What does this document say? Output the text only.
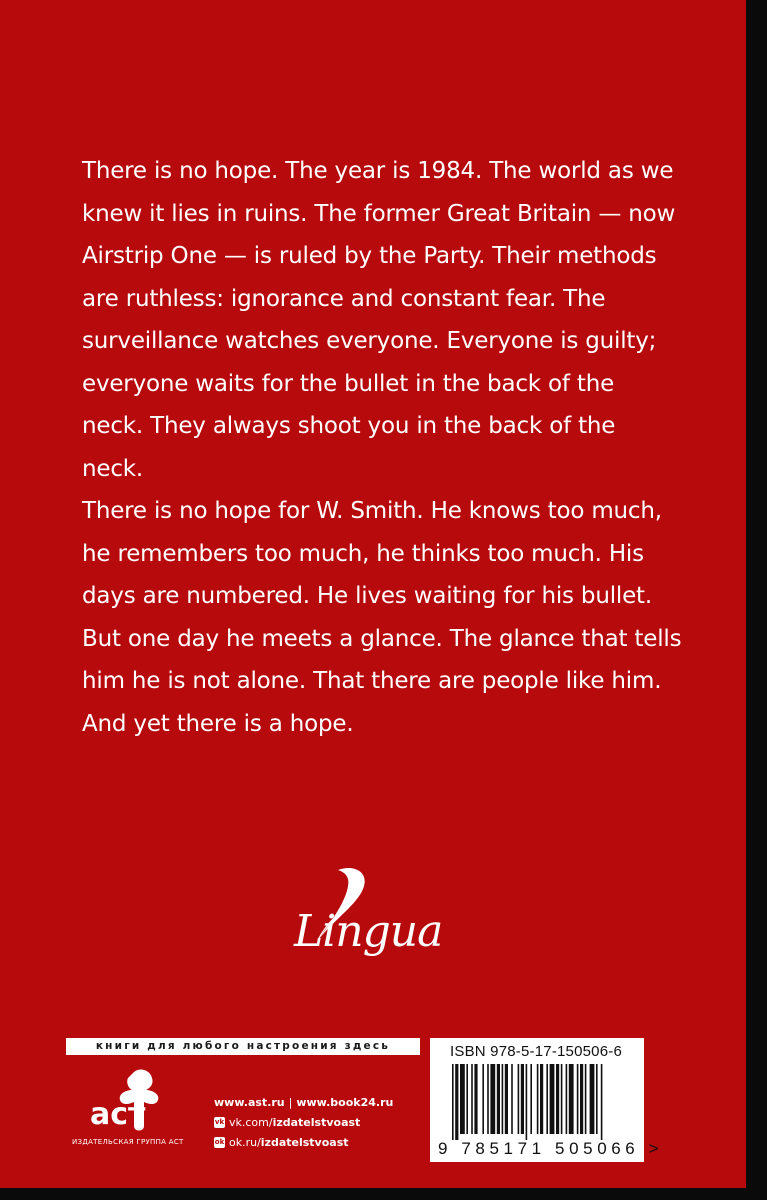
There is no hope. The year is 1984. The world as we
knew it lies in ruins. The former Great Britain — now
Airstrip One — is ruled by the Party. Their methods
are ruthless: ignorance and constant fear. The
surveillance watches everyone. Everyone is guilty;
everyone waits for the bullet in the back of the
neck. They always shoot you in the back of the
neck.
There is no hope for W. Smith. He knows too much,
he remembers too much, he thinks too much. His
days are numbered. He lives waiting for his bullet.
But one day he meets a glance. The glance that tells
him he is not alone. That there are people like him.
And yet there is a hope.
Lingua
книги для любого настроения здесь
аст
ИЗДАТЕЛЬСКАЯ ГРУППА АСТ
www.ast.ru | www.book24.ru
vk vk.com/ izdatelstvoast
ok ok.ru/ izdatelstvoast
ISBN 978-5-17-150506-6
9 785171 505066 >
